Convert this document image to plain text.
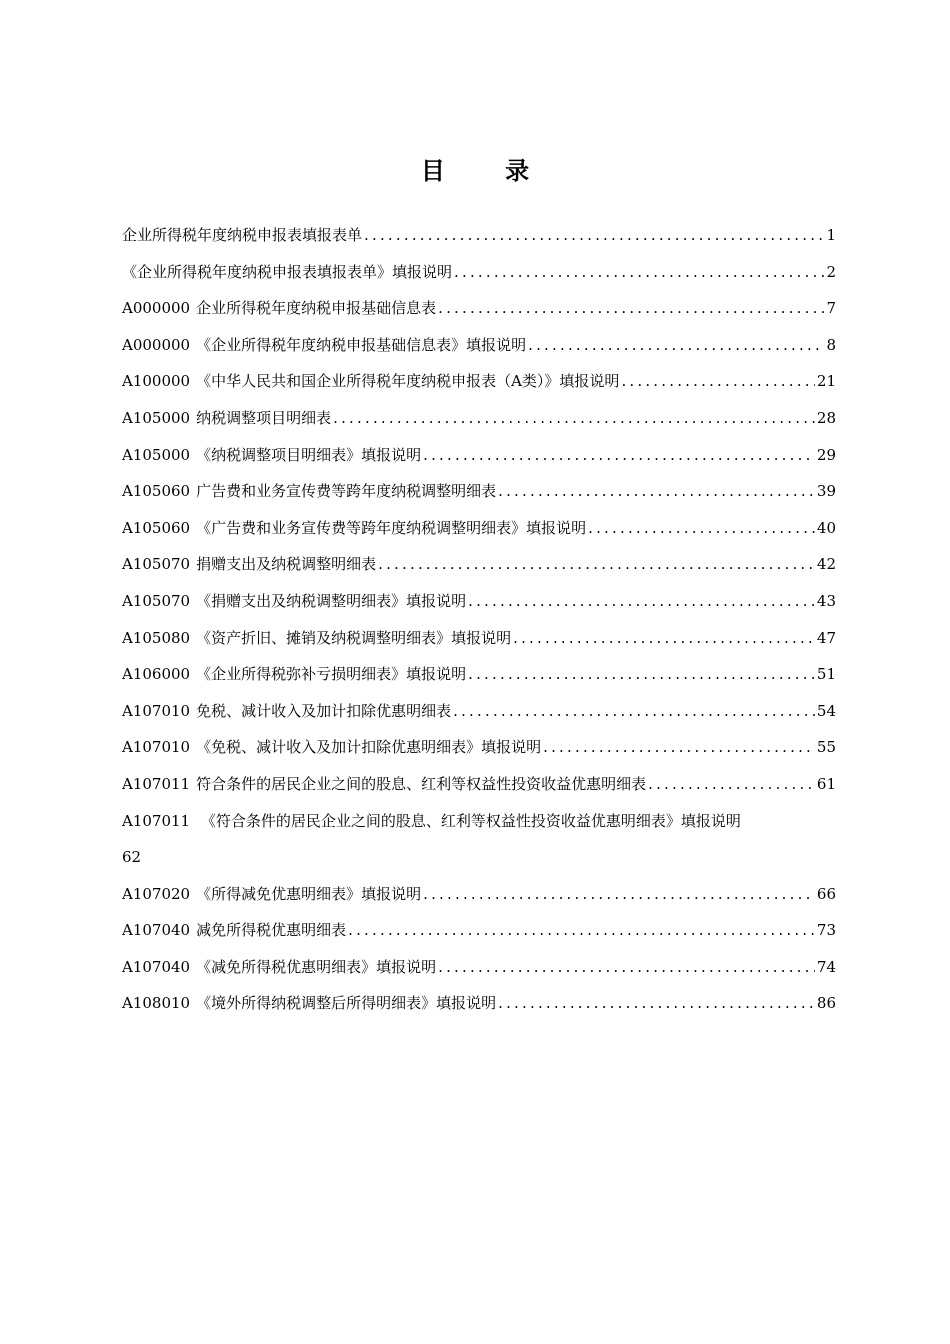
目 录
企业所得税年度纳税申报表填报表单 .....	1
《企业所得税年度纳税申报表填报表单》填报说明 .....	2
A000000 企业所得税年度纳税申报基础信息表 .....	7
A000000 《企业所得税年度纳税申报基础信息表》填报说明 .....	8
A100000 《中华人民共和国企业所得税年度纳税申报表（A类）》填报说明 .....	21
A105000 纳税调整项目明细表 .....	28
A105000 《纳税调整项目明细表》填报说明 .....	29
A105060 广告费和业务宣传费等跨年度纳税调整明细表 .....	39
A105060 《广告费和业务宣传费等跨年度纳税调整明细表》填报说明 .....	40
A105070 捐赠支出及纳税调整明细表 .....	42
A105070 《捐赠支出及纳税调整明细表》填报说明 .....	43
A105080 《资产折旧、摊销及纳税调整明细表》填报说明 .....	47
A106000 《企业所得税弥补亏损明细表》填报说明 .....	51
A107010 免税、减计收入及加计扣除优惠明细表 .....	54
A107010 《免税、减计收入及加计扣除优惠明细表》填报说明 .....	55
A107011 符合条件的居民企业之间的股息、红利等权益性投资收益优惠明细表 .....	61
A107011 《符合条件的居民企业之间的股息、红利等权益性投资收益优惠明细表》填报说明
62
A107020 《所得减免优惠明细表》填报说明 .....	66
A107040 减免所得税优惠明细表 .....	73
A107040 《减免所得税优惠明细表》填报说明 .....	74
A108010 《境外所得纳税调整后所得明细表》填报说明 .....	86
